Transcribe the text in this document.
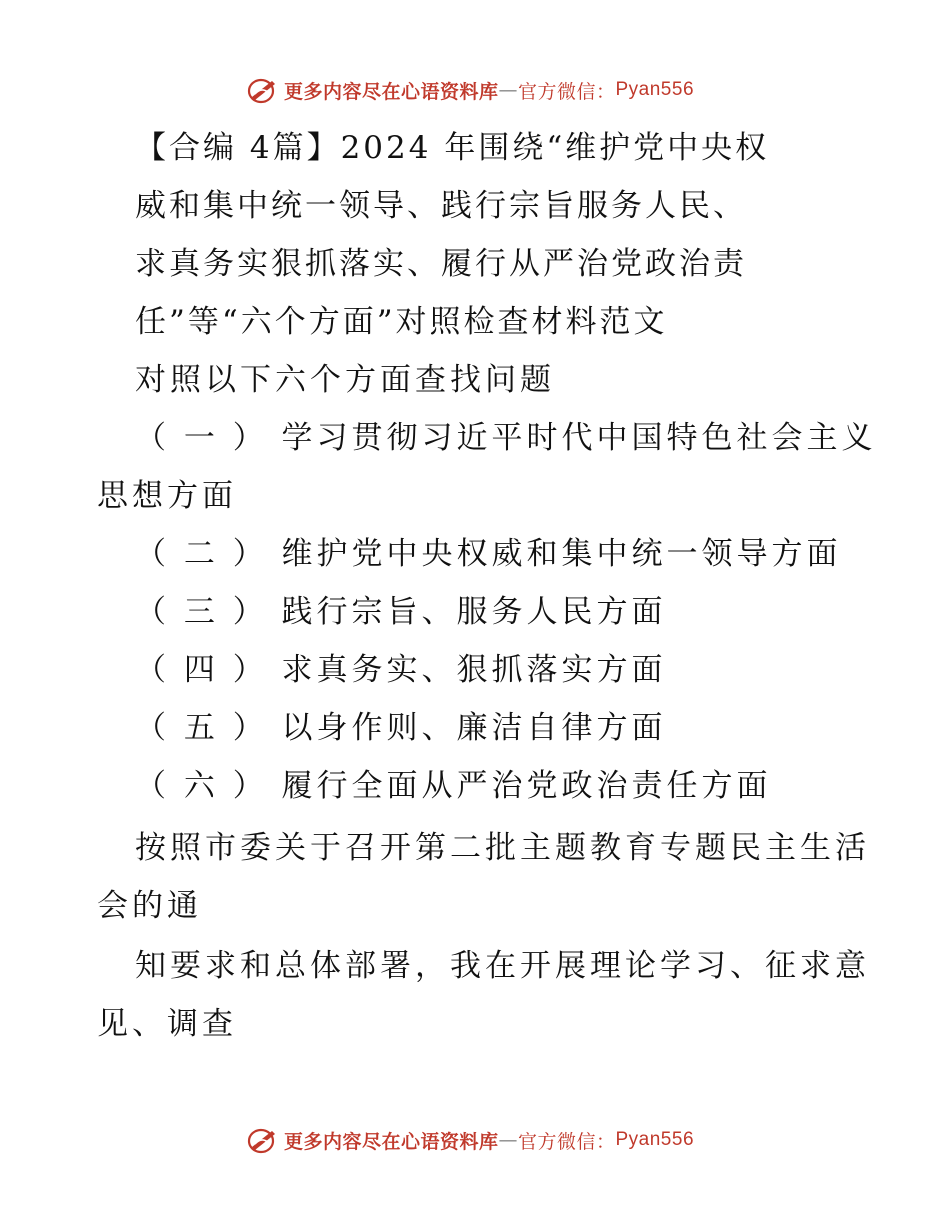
更多内容尽在心语资料库 — 官方微信： Pyan556
【合编 4篇】2024 年围绕“维护党中央权
威和集中统一领导、践行宗旨服务人民、
求真务实狠抓落实、履行从严治党政治责
任”等“六个方面”对照检查材料范文
对照以下六个方面查找问题
（ 一 ） 学习贯彻习近平时代中国特色社会主义
思想方面
（ 二 ） 维护党中央权威和集中统一领导方面
（ 三 ） 践行宗旨、服务人民方面
（ 四 ） 求真务实、狠抓落实方面
（ 五 ） 以身作则、廉洁自律方面
（ 六 ） 履行全面从严治党政治责任方面
按照市委关于召开第二批主题教育专题民主生活
会的通
知要求和总体部署，我在开展理论学习、征求意
见、调查
更多内容尽在心语资料库 — 官方微信： Pyan556
